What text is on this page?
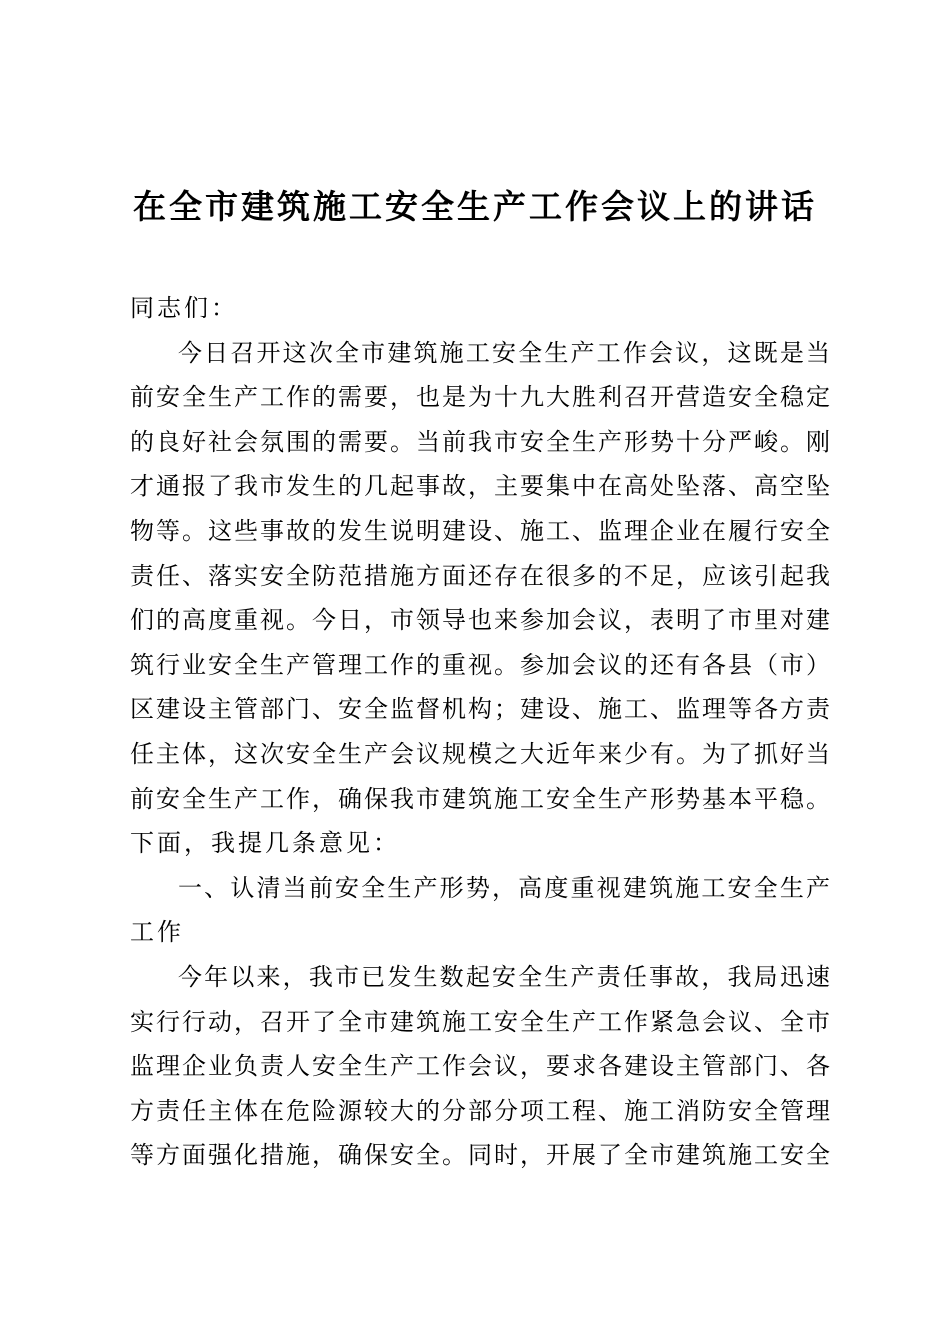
在全市建筑施工安全生产工作会议上的讲话
同志们：
今日召开这次全市建筑施工安全生产工作会议，这既是当
前安全生产工作的需要，也是为十九大胜利召开营造安全稳定
的良好社会氛围的需要。当前我市安全生产形势十分严峻。刚
才通报了我市发生的几起事故，主要集中在高处坠落、高空坠
物等。这些事故的发生说明建设、施工、监理企业在履行安全
责任、落实安全防范措施方面还存在很多的不足，应该引起我
们的高度重视。今日，市领导也来参加会议，表明了市里对建
筑行业安全生产管理工作的重视。参加会议的还有各县（市）
区建设主管部门、安全监督机构；建设、施工、监理等各方责
任主体，这次安全生产会议规模之大近年来少有。为了抓好当
前安全生产工作，确保我市建筑施工安全生产形势基本平稳。
下面，我提几条意见：
一、认清当前安全生产形势，高度重视建筑施工安全生产
工作
今年以来，我市已发生数起安全生产责任事故，我局迅速
实行行动，召开了全市建筑施工安全生产工作紧急会议、全市
监理企业负责人安全生产工作会议，要求各建设主管部门、各
方责任主体在危险源较大的分部分项工程、施工消防安全管理
等方面强化措施，确保安全。同时，开展了全市建筑施工安全
